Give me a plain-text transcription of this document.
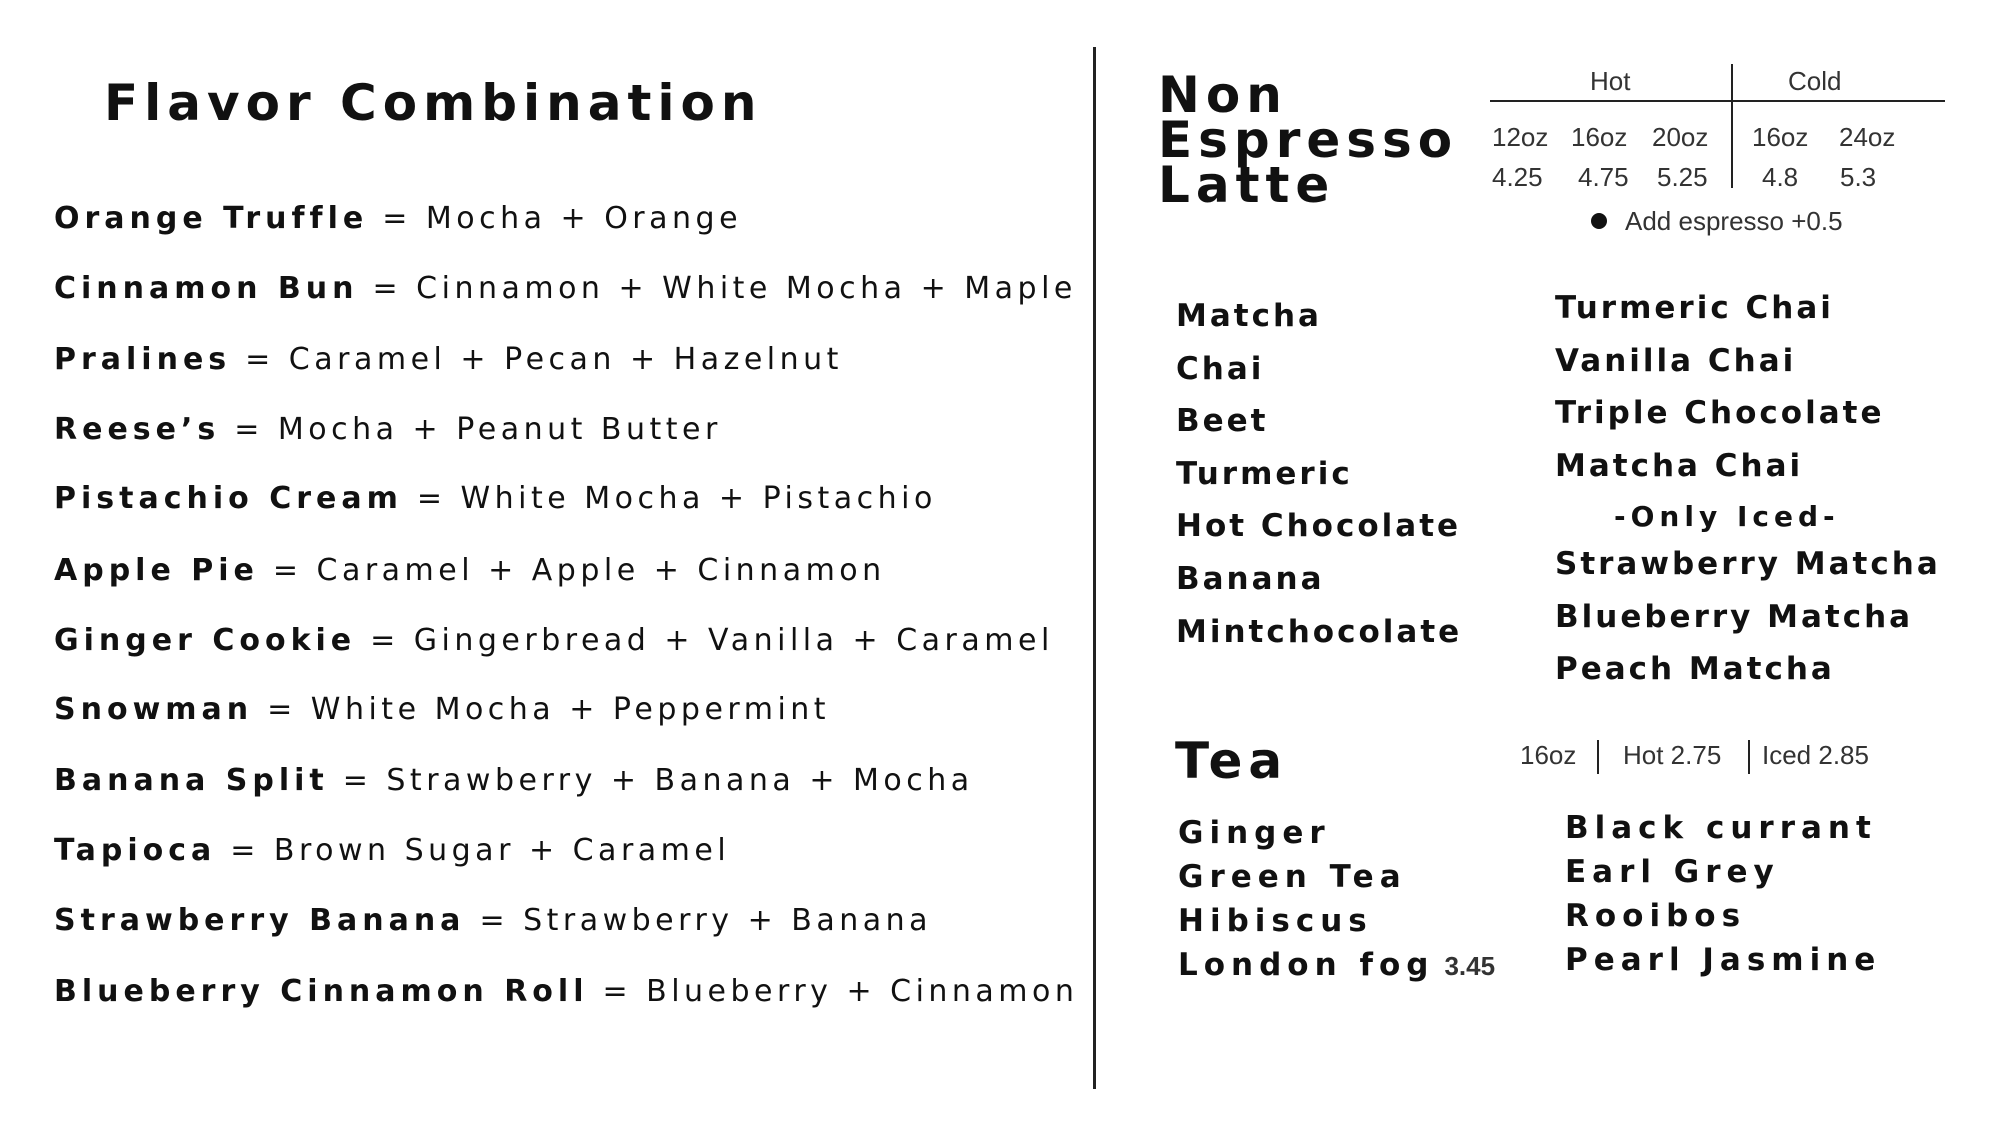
Flavor Combination
Orange Truffle = Mocha + Orange
Cinnamon Bun = Cinnamon + White Mocha + Maple
Pralines = Caramel + Pecan + Hazelnut
Reese’s = Mocha + Peanut Butter
Pistachio Cream = White Mocha + Pistachio
Apple Pie = Caramel + Apple + Cinnamon
Ginger Cookie = Gingerbread + Vanilla + Caramel
Snowman = White Mocha + Peppermint
Banana Split = Strawberry + Banana + Mocha
Tapioca = Brown Sugar + Caramel
Strawberry Banana = Strawberry + Banana
Blueberry Cinnamon Roll = Blueberry + Cinnamon
Non
Espresso
Latte
Hot	Cold
12oz 16oz 20oz 16oz 24oz
4.25 4.75 5.25 4.8 5.3
Add espresso +0.5
Matcha
Chai
Beet
Turmeric
Hot Chocolate
Banana
Mintchocolate
Turmeric Chai
Vanilla Chai
Triple Chocolate
Matcha Chai
-Only Iced-
Strawberry Matcha
Blueberry Matcha
Peach Matcha
Tea	16oz Hot 2.75 Iced 2.85
Ginger
Green Tea
Hibiscus
London fog 3.45
Black currant
Earl Grey
Rooibos
Pearl Jasmine
